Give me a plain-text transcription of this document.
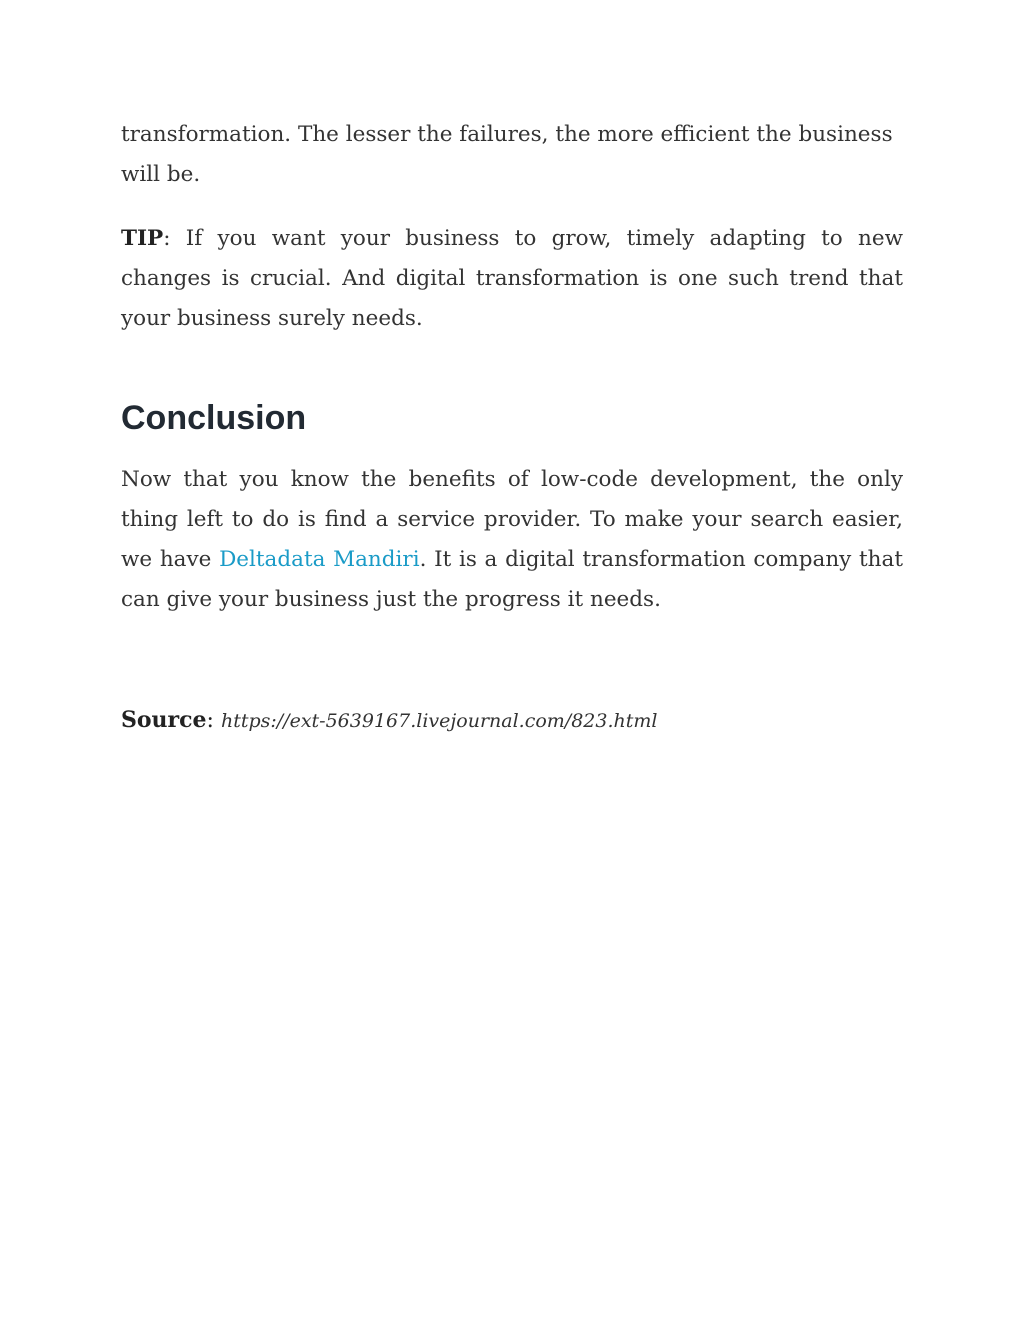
transformation. The lesser the failures, the more efficient the business will be.

TIP: If you want your business to grow, timely adapting to new changes is crucial. And digital transformation is one such trend that your business surely needs.

Conclusion

Now that you know the benefits of low-code development, the only thing left to do is find a service provider. To make your search easier, we have Deltadata Mandiri. It is a digital transformation company that can give your business just the progress it needs.

Source: https://ext-5639167.livejournal.com/823.html
